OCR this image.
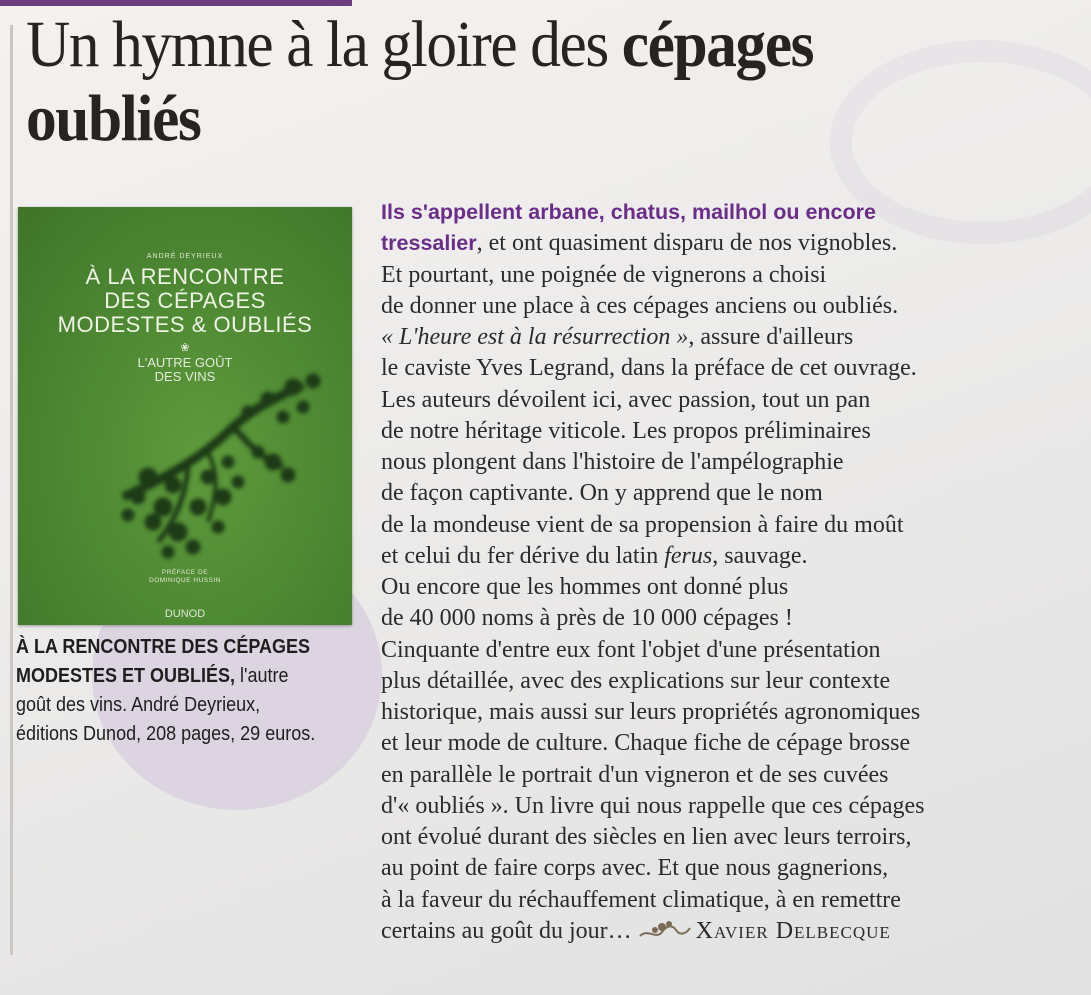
Un hymne à la gloire des cépages
oubliés
ANDRÉ DEYRIEUX
À LA RENCONTRE
DES CÉPAGES
MODESTES & OUBLIÉS
❀
L'AUTRE GOÛT
DES VINS
PRÉFACE DE
DOMINIQUE HUSSIN
DUNOD
À LA RENCONTRE DES CÉPAGES MODESTES ET OUBLIÉS, l'autre goût des vins. André Deyrieux, éditions Dunod, 208 pages, 29 euros.
Ils s'appellent arbane, chatus, mailhol ou encore
tressalier, et ont quasiment disparu de nos vignobles.
Et pourtant, une poignée de vignerons a choisi
de donner une place à ces cépages anciens ou oubliés.
« L'heure est à la résurrection », assure d'ailleurs
le caviste Yves Legrand, dans la préface de cet ouvrage.
Les auteurs dévoilent ici, avec passion, tout un pan
de notre héritage viticole. Les propos préliminaires
nous plongent dans l'histoire de l'ampélographie
de façon captivante. On y apprend que le nom
de la mondeuse vient de sa propension à faire du moût
et celui du fer dérive du latin ferus, sauvage.
Ou encore que les hommes ont donné plus
de 40 000 noms à près de 10 000 cépages !
Cinquante d'entre eux font l'objet d'une présentation
plus détaillée, avec des explications sur leur contexte
historique, mais aussi sur leurs propriétés agronomiques
et leur mode de culture. Chaque fiche de cépage brosse
en parallèle le portrait d'un vigneron et de ses cuvées
d'« oubliés ». Un livre qui nous rappelle que ces cépages
ont évolué durant des siècles en lien avec leurs terroirs,
au point de faire corps avec. Et que nous gagnerions,
à la faveur du réchauffement climatique, à en remettre
certains au goût du jour…	Xavier Delbecque
